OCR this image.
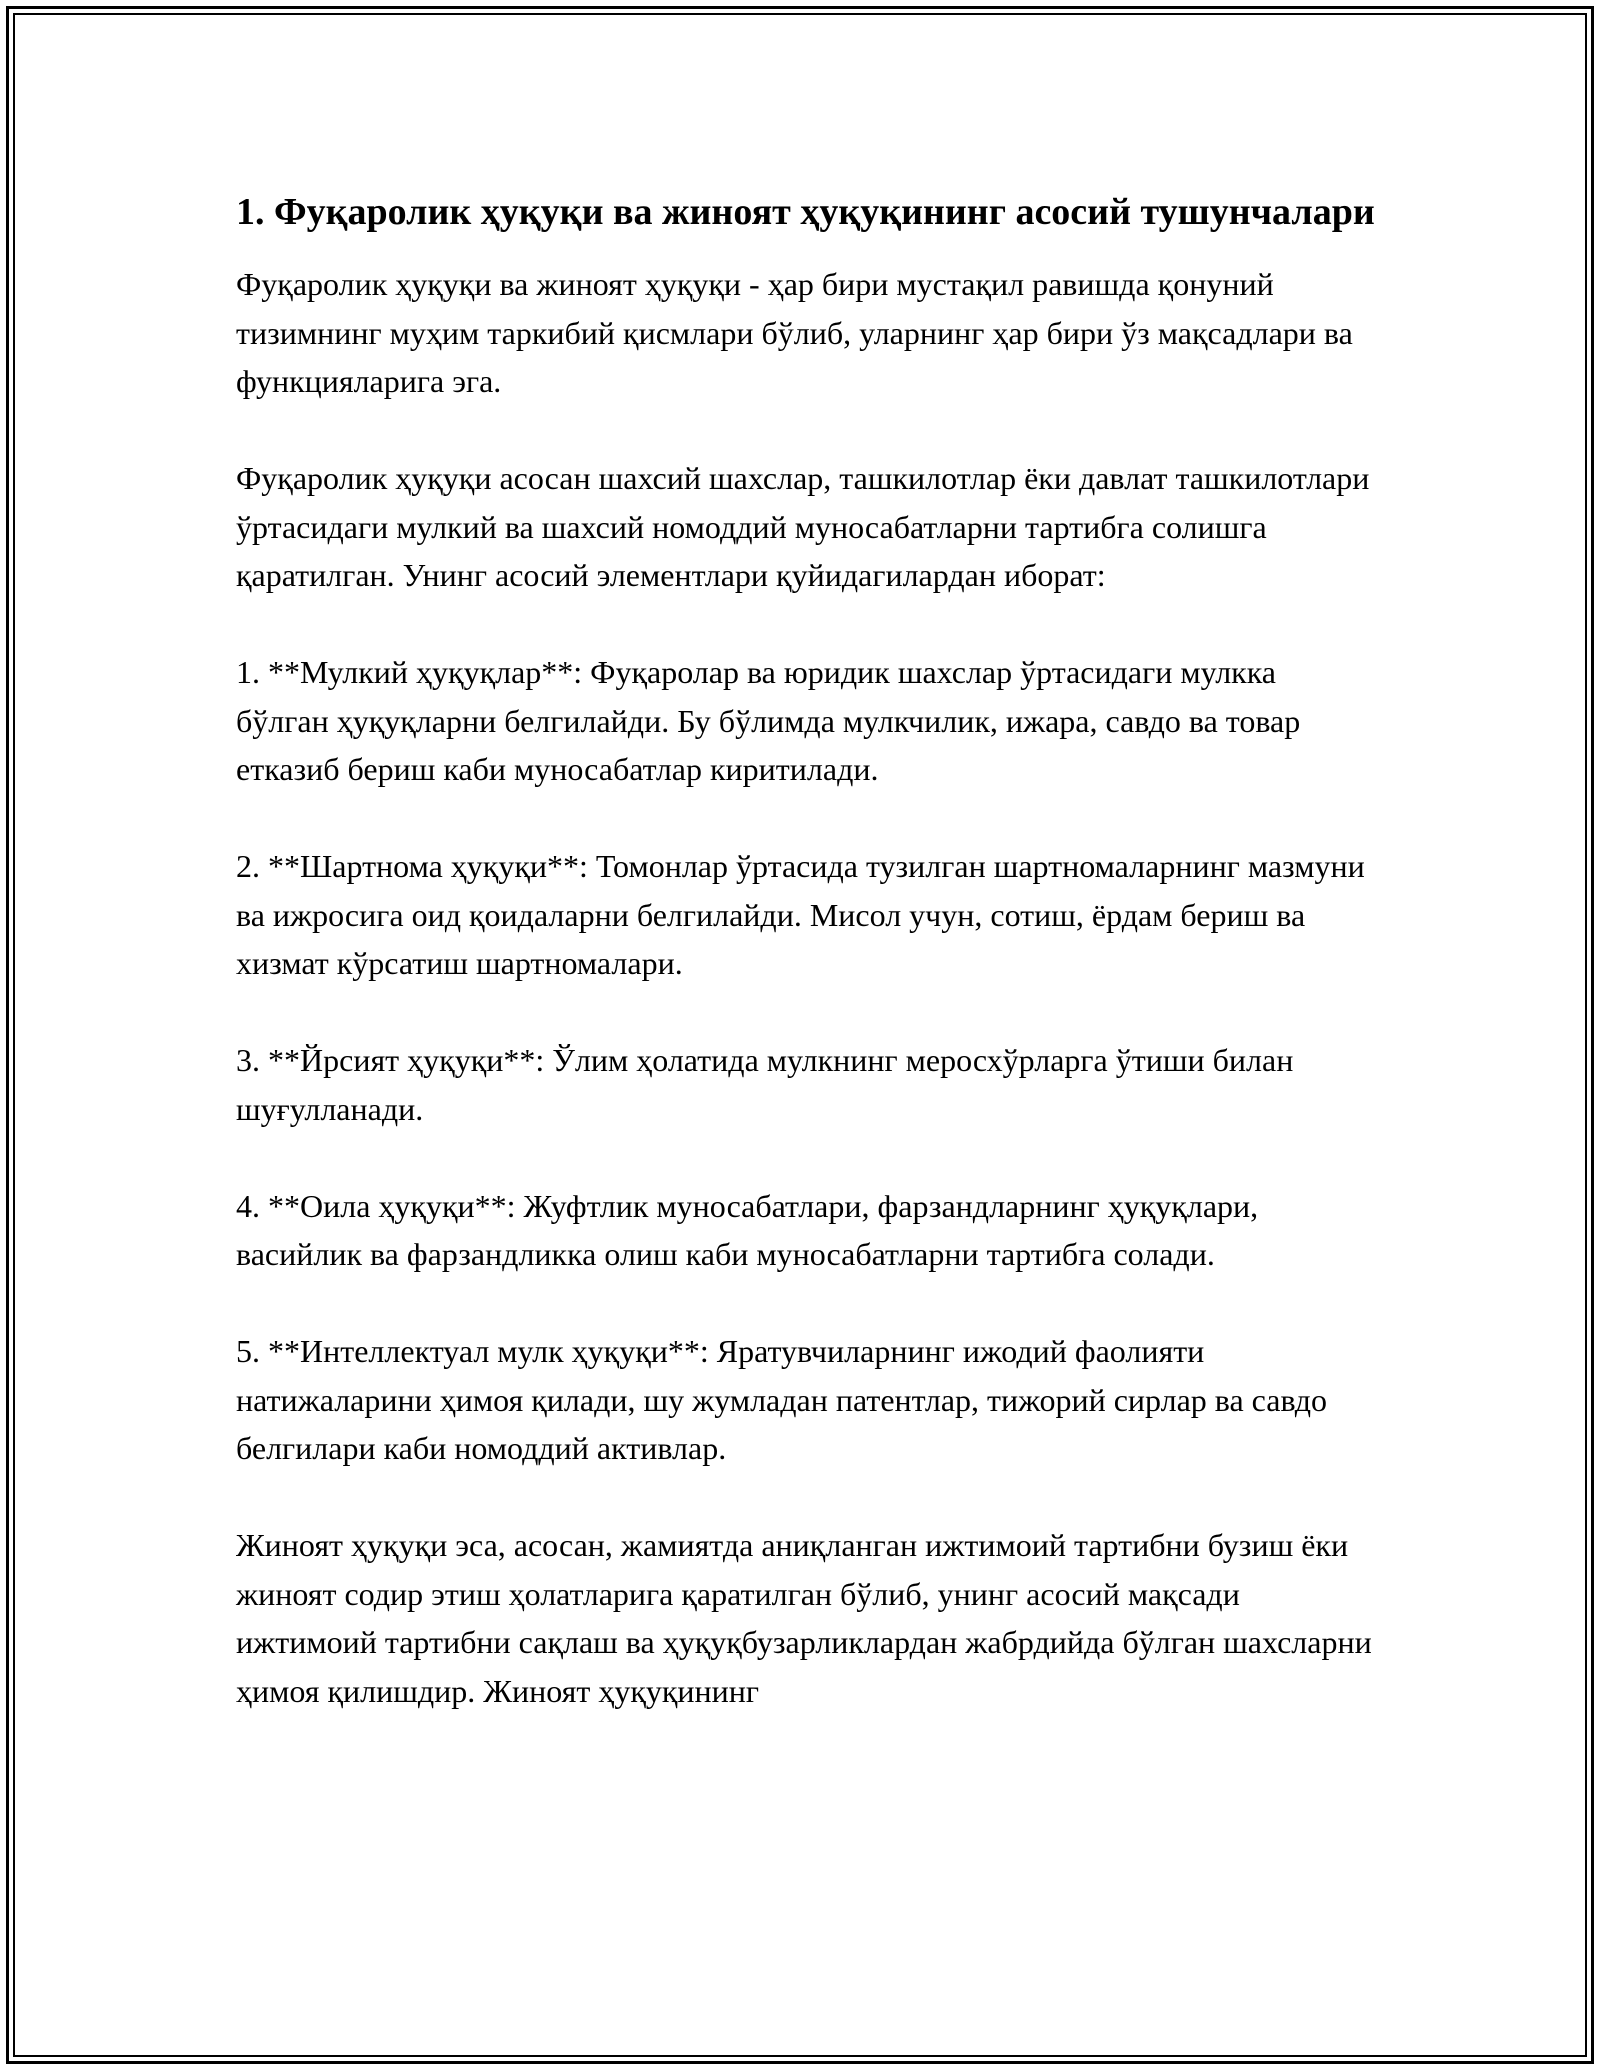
1. Фуқаролик ҳуқуқи ва жиноят ҳуқуқининг асосий тушунчалари

Фуқаролик ҳуқуқи ва жиноят ҳуқуқи - ҳар бири мустақил равишда қонуний тизимнинг муҳим таркибий қисмлари бўлиб, уларнинг ҳар бири ўз мақсадлари ва функцияларига эга.

Фуқаролик ҳуқуқи асосан шахсий шахслар, ташкилотлар ёки давлат ташкилотлари ўртасидаги мулкий ва шахсий номоддий муносабатларни тартибга солишга қаратилган. Унинг асосий элементлари қуйидагилардан иборат:

1. **Мулкий ҳуқуқлар**: Фуқаролар ва юридик шахслар ўртасидаги мулкка бўлган ҳуқуқларни белгилайди. Бу бўлимда мулкчилик, ижара, савдо ва товар етказиб бериш каби муносабатлар киритилади.

2. **Шартнома ҳуқуқи**: Томонлар ўртасида тузилган шартномаларнинг мазмуни ва ижросига оид қоидаларни белгилайди. Мисол учун, сотиш, ёрдам бериш ва хизмат кўрсатиш шартномалари.

3. **Йрсият ҳуқуқи**: Ўлим ҳолатида мулкнинг меросхўрларга ўтиши билан шуғулланади.

4. **Оила ҳуқуқи**: Жуфтлик муносабатлари, фарзандларнинг ҳуқуқлари, васийлик ва фарзандликка олиш каби муносабатларни тартибга солади.

5. **Интеллектуал мулк ҳуқуқи**: Яратувчиларнинг ижодий фаолияти натижаларини ҳимоя қилади, шу жумладан патентлар, тижорий сирлар ва савдо белгилари каби номоддий активлар.

Жиноят ҳуқуқи эса, асосан, жамиятда аниқланган ижтимоий тартибни бузиш ёки жиноят содир этиш ҳолатларига қаратилган бўлиб, унинг асосий мақсади ижтимоий тартибни сақлаш ва ҳуқуқбузарликлардан жабрдийда бўлган шахсларни ҳимоя қилишдир. Жиноят ҳуқуқининг
